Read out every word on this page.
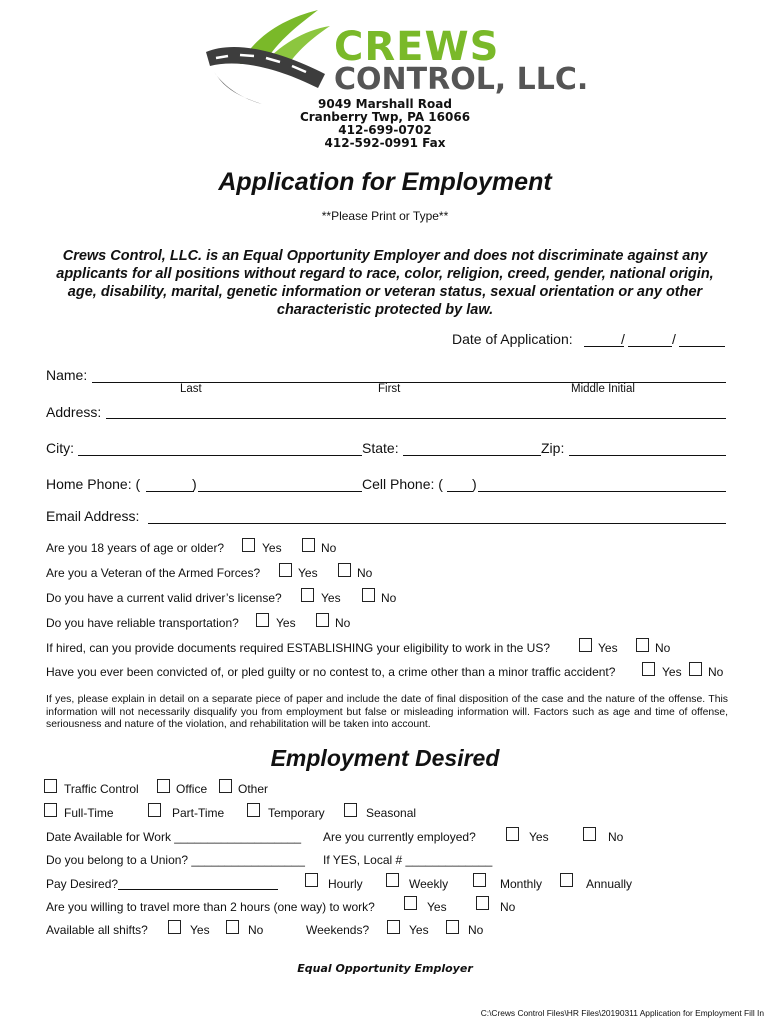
CREWS
CONTROL, LLC.
9049 Marshall Road
Cranberry Twp, PA 16066
412-699-0702
412-592-0991 Fax
Application for Employment
**Please Print or Type**
Crews Control, LLC. is an Equal Opportunity Employer and does not discriminate against any applicants for all positions without regard to race, color, religion, creed, gender, national origin, age, disability, marital, genetic information or veteran status, sexual orientation or any other characteristic protected by law.
Date of Application:	/	/
Name:
Last	First	Middle Initial
Address:
City:	State:	Zip:
Home Phone: (	)	Cell Phone: ( )
Email Address:
Are you 18 years of age or older?	Yes	No
Are you a Veteran of the Armed Forces?	Yes	No
Do you have a current valid driver’s license?	Yes	No
Do you have reliable transportation?	Yes	No
If hired, can you provide documents required ESTABLISHING your eligibility to work in the US?	Yes	No
Have you ever been convicted of, or pled guilty or no contest to, a crime other than a minor traffic accident?	Yes No
If yes, please explain in detail on a separate piece of paper and include the date of final disposition of the case and the nature of the offense. This information will not necessarily disqualify you from employment but false or misleading information will. Factors such as age and time of offense, seriousness and nature of the violation, and rehabilitation will be taken into account.
Employment Desired
Traffic Control	Office	Other
Full-Time	Part-Time	Temporary	Seasonal
Date Available for Work ___________________ Are you currently employed?	Yes	No
Do you belong to a Union? _________________ If YES, Local # _____________
Pay Desired?	Hourly	Weekly	Monthly	Annually
Are you willing to travel more than 2 hours (one way) to work?	Yes	No
Available all shifts?	Yes	No	Weekends?	Yes	No
Equal Opportunity Employer
C:\Crews Control Files\HR Files\20190311 Application for Employment Fill In
